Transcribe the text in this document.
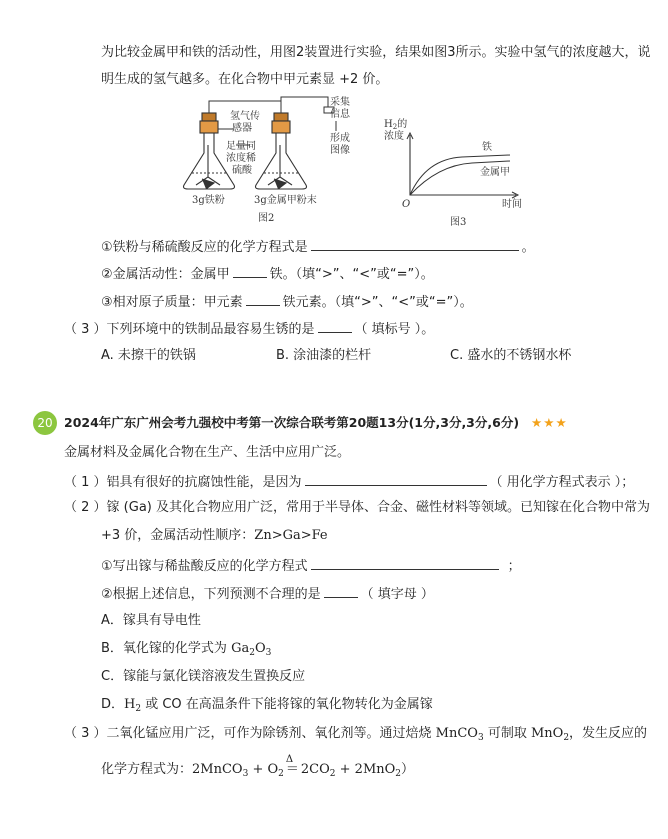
为比较金属甲和铁的活动性，用图2装置进行实验，结果如图3所示。实验中氢气的浓度越大，说
明生成的氢气越多。在化合物中甲元素显 +2 价。
氢气传
感器
足量同
浓度稀
硫酸
采集
信息
形成
图像
3g铁粉	3g金属甲粉末
图2
$H_2$的
浓度
铁
金属甲
O	时间
图3
①铁粉与稀硫酸反应的化学方程式是	。
②金属活动性：金属甲	铁。（填“>”、“<”或“=”）。
③相对原子质量：甲元素	铁元素。（填“>”、“<”或“=”）。
（ 3 ）下列环境中的铁制品最容易生锈的是	（ 填标号 ）。
A. 未擦干的铁锅	B. 涂油漆的栏杆	C. 盛水的不锈钢水杯
20 2024年广东广州会考九强校中考第一次综合联考第20题13分(1分,3分,3分,6分) ★★★
金属材料及金属化合物在生产、生活中应用广泛。
（ 1 ）铝具有很好的抗腐蚀性能，是因为	（ 用化学方程式表示 ）；
（ 2 ）镓 (Ga) 及其化合物应用广泛，常用于半导体、合金、磁性材料等领域。已知镓在化合物中常为
+3 价，金属活动性顺序：Zn>Ga>Fe
①写出镓与稀盐酸反应的化学方程式	；
②根据上述信息，下列预测不合理的是	（ 填字母 ）
A．镓具有导电性
B．氧化镓的化学式为 $Ga_2O_3$
C．镓能与氯化镁溶液发生置换反应
D．$H_2$ 或 CO 在高温条件下能将镓的氧化物转化为金属镓
（ 3 ）二氧化锰应用广泛，可作为除锈剂、氧化剂等。通过焙烧 MnCO$_3$ 可制取 MnO$_2$，发生反应的
化学方程式为：2MnCO$_3$ + $O_2$
Δ
＝ $2CO_2 + 2MnO_2$）
